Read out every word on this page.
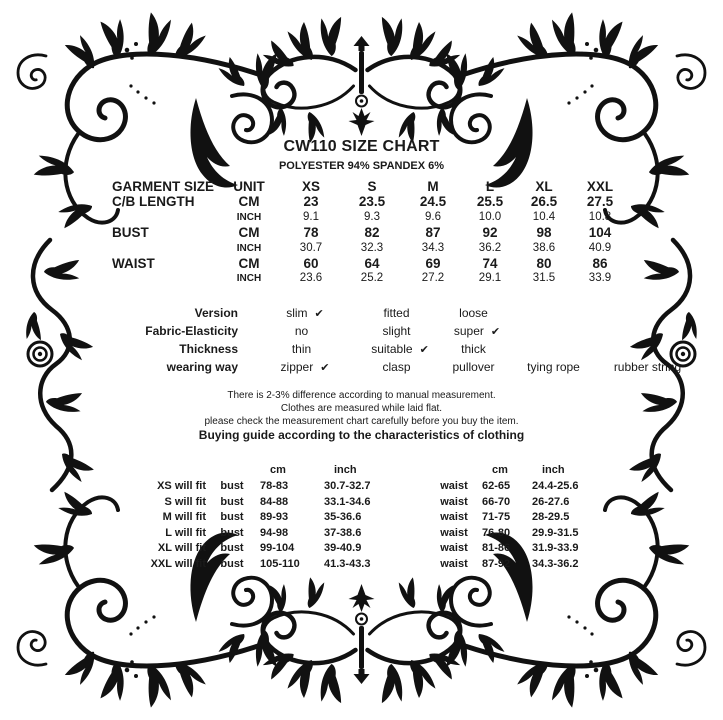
CW110 SIZE CHART
POLYESTER 94% SPANDEX 6%
GARMENT SIZE	UNIT	XS	S	M	L	XL	XXL
C/B LENGTH	CM	23	23.5	24.5	25.5	26.5	27.5
INCH	9.1	9.3	9.6	10.0	10.4	10.8
BUST	CM	78	82	87	92	98	104
INCH	30.7	32.3	34.3	36.2	38.6	40.9
WAIST	CM	60	64	69	74	80	86
INCH	23.6	25.2	27.2	29.1	31.5	33.9
Version	slim ✔	fitted	loose
Fabric-Elasticity	no	slight	super ✔
Thickness	thin	suitable ✔	thick
wearing way	zipper ✔	clasp	pullover	tying rope	rubber string
There is 2-3% difference according to manual measurement.
Clothes are measured while laid flat.
please check the measurement chart carefully before you buy the item.
Buying guide according to the characteristics of clothing
cm	inch	cm	inch
XS will fit	bust	78-83	30.7-32.7	waist	62-65	24.4-25.6
S will fit	bust	84-88	33.1-34.6	waist	66-70	26-27.6
M will fit	bust	89-93	35-36.6	waist	71-75	28-29.5
L will fit	bust	94-98	37-38.6	waist	76-80	29.9-31.5
XL will fit	bust	99-104	39-40.9	waist	81-86	31.9-33.9
XXL will fit	bust	105-110	41.3-43.3	waist	87-92	34.3-36.2
